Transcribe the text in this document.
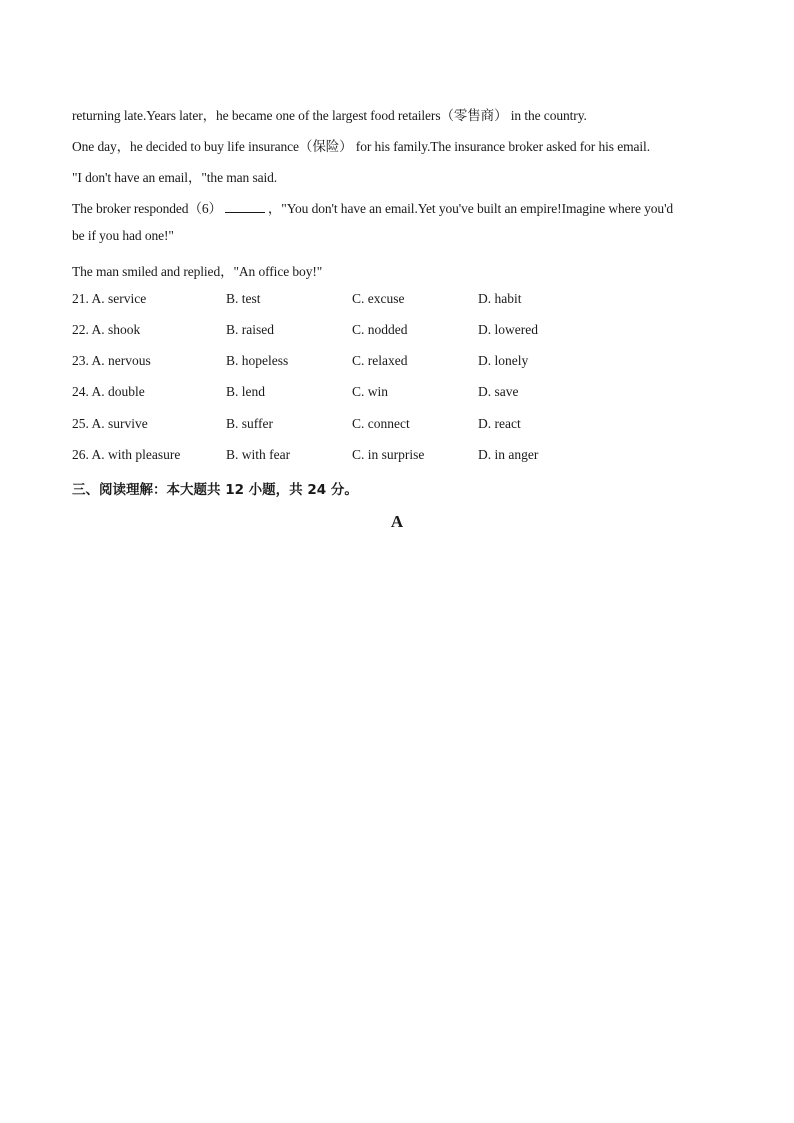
returning late.Years later，he became one of the largest food retailers（零售商） in the country.
One day，he decided to buy life insurance（保险） for his family.The insurance broker asked for his email.
"I don't have an email，"the man said.
The broker responded（6）	，"You don't have an email.Yet you've built an empire!Imagine where you'd
be if you had one!"
The man smiled and replied，"An office boy!"
21. A. service	B. test	C. excuse	D. habit
22. A. shook	B. raised	C. nodded	D. lowered
23. A. nervous	B. hopeless	C. relaxed	D. lonely
24. A. double	B. lend	C. win	D. save
25. A. survive	B. suffer	C. connect	D. react
26. A. with pleasure	B. with fear	C. in surprise	D. in anger
三、阅读理解：本大题共 12 小题，共 24 分。
A
